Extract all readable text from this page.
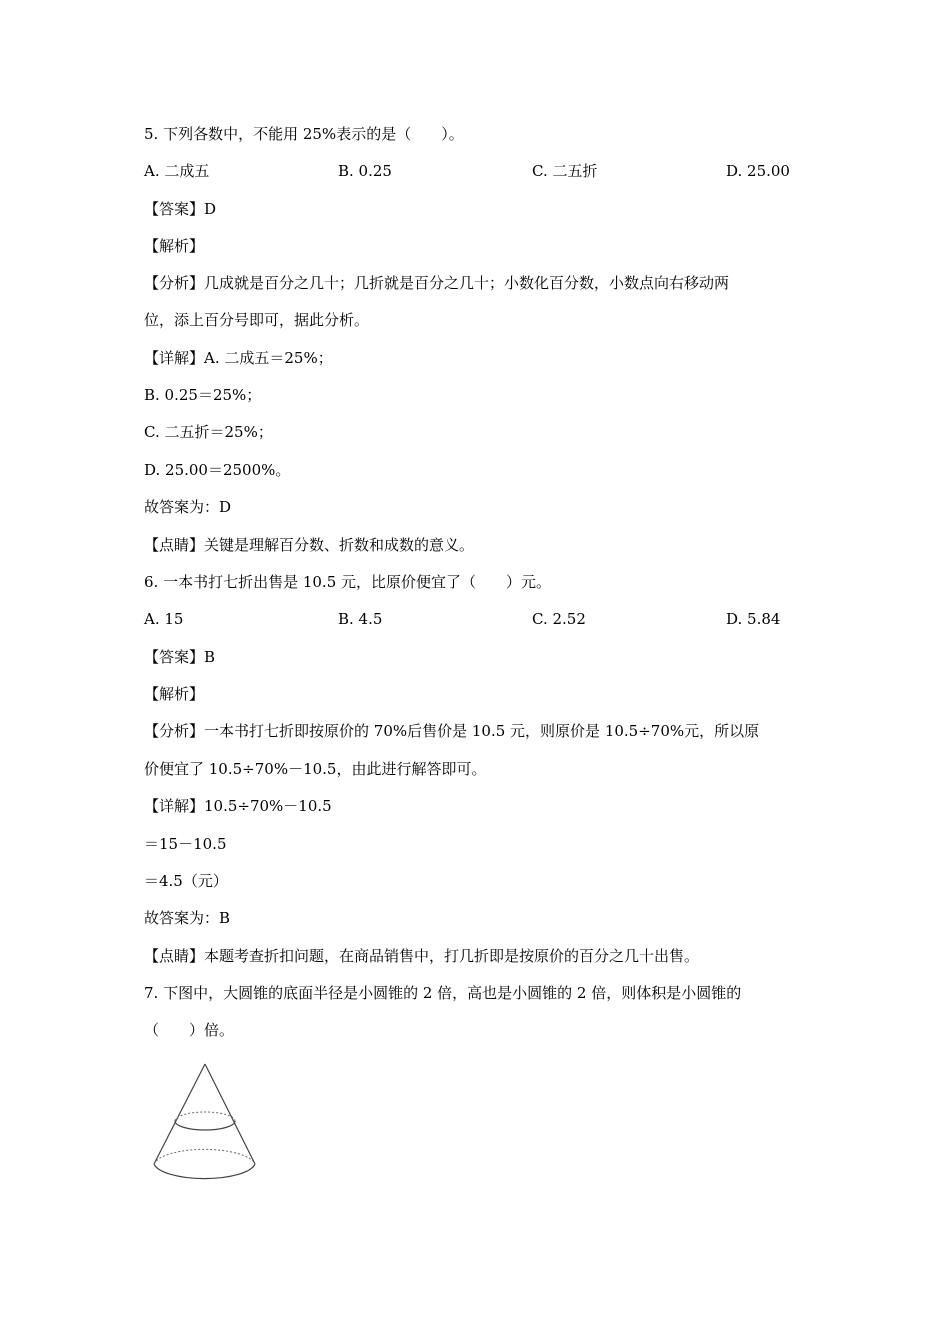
5. 下列各数中，不能用 25%表示的是（　　）。

A. 二成五	B. 0.25	C. 二五折	D. 25.00

【答案】D

【解析】

【分析】几成就是百分之几十；几折就是百分之几十；小数化百分数，小数点向右移动两

位，添上百分号即可，据此分析。

【详解】A. 二成五＝25%；

B. 0.25＝25%；

C. 二五折＝25%；

D. 25.00＝2500%。

故答案为：D

【点睛】关键是理解百分数、折数和成数的意义。

6. 一本书打七折出售是 10.5 元，比原价便宜了（　　）元。

A. 15	B. 4.5	C. 2.52	D. 5.84

【答案】B

【解析】

【分析】一本书打七折即按原价的 70%后售价是 10.5 元，则原价是 10.5÷70%元，所以原

价便宜了 10.5÷70%－10.5，由此进行解答即可。

【详解】10.5÷70%－10.5

＝15－10.5

＝4.5（元）

故答案为：B

【点睛】本题考查折扣问题，在商品销售中，打几折即是按原价的百分之几十出售。

7. 下图中，大圆锥的底面半径是小圆锥的 2 倍，高也是小圆锥的 2 倍，则体积是小圆锥的

（　　）倍。
